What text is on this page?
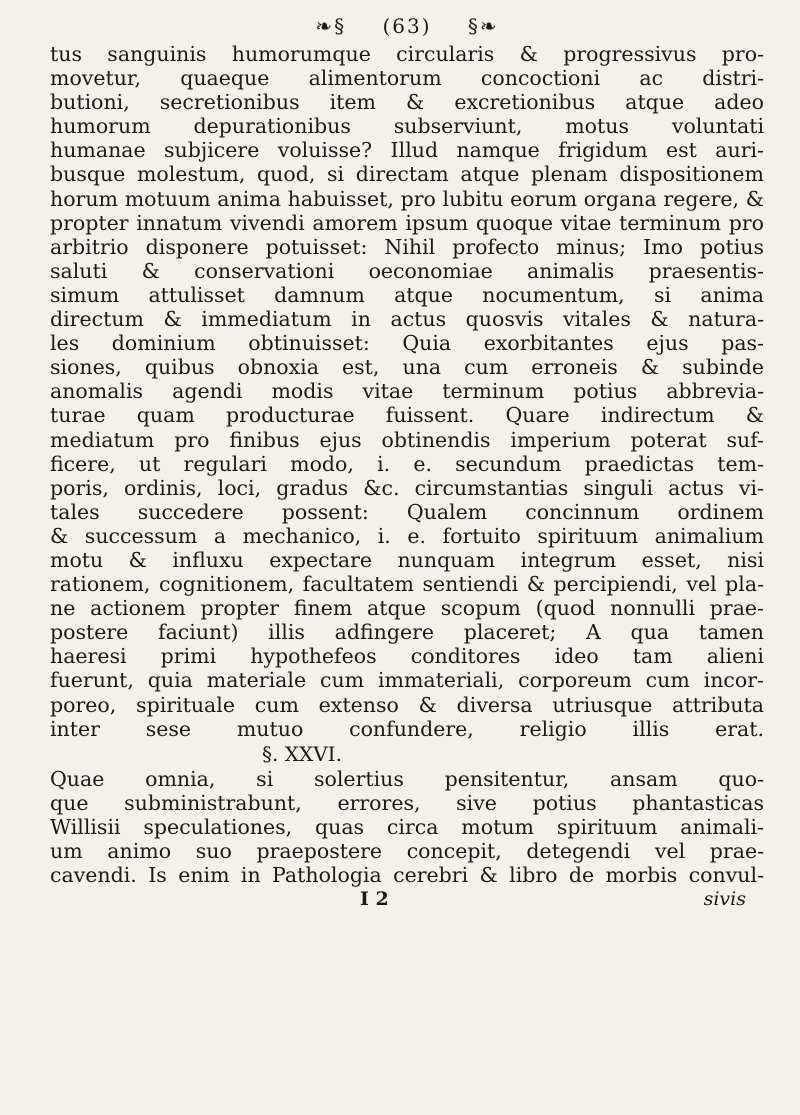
❧§ (63) §❧
tus sanguinis humorumque circularis & progressivus pro-
movetur, quaeque alimentorum concoctioni ac distri-
butioni, secretionibus item & excretionibus atque adeo
humorum depurationibus subserviunt, motus voluntati
humanae subjicere voluisse? Illud namque frigidum est auri-
busque molestum, quod, si directam atque plenam dispositionem
horum motuum anima habuisset, pro lubitu eorum organa regere, &
propter innatum vivendi amorem ipsum quoque vitae terminum pro
arbitrio disponere potuisset: Nihil profecto minus; Imo potius
saluti & conservationi oeconomiae animalis praesentis-
simum attulisset damnum atque nocumentum, si anima
directum & immediatum in actus quosvis vitales & natura-
les dominium obtinuisset: Quia exorbitantes ejus pas-
siones, quibus obnoxia est, una cum erroneis & subinde
anomalis agendi modis vitae terminum potius abbrevia-
turae quam producturae fuissent. Quare indirectum &
mediatum pro finibus ejus obtinendis imperium poterat suf-
ficere, ut regulari modo, i. e. secundum praedictas tem-
poris, ordinis, loci, gradus &c. circumstantias singuli actus vi-
tales succedere possent: Qualem concinnum ordinem
& successum a mechanico, i. e. fortuito spirituum animalium
motu & influxu expectare nunquam integrum esset, nisi
rationem, cognitionem, facultatem sentiendi & percipiendi, vel pla-
ne actionem propter finem atque scopum (quod nonnulli prae-
postere faciunt) illis adfingere placeret; A qua tamen
haeresi primi hypothefeos conditores ideo tam alieni
fuerunt, quia materiale cum immateriali, corporeum cum incor-
poreo, spirituale cum extenso & diversa utriusque attributa
inter sese mutuo confundere, religio illis erat.
§. XXVI.
Quae omnia, si solertius pensitentur, ansam quo-
que subministrabunt, errores, sive potius phantasticas
Willisii speculationes, quas circa motum spirituum animali-
um animo suo praepostere concepit, detegendi vel prae-
cavendi. Is enim in Pathologia cerebri & libro de morbis convul-
I 2	sivis
